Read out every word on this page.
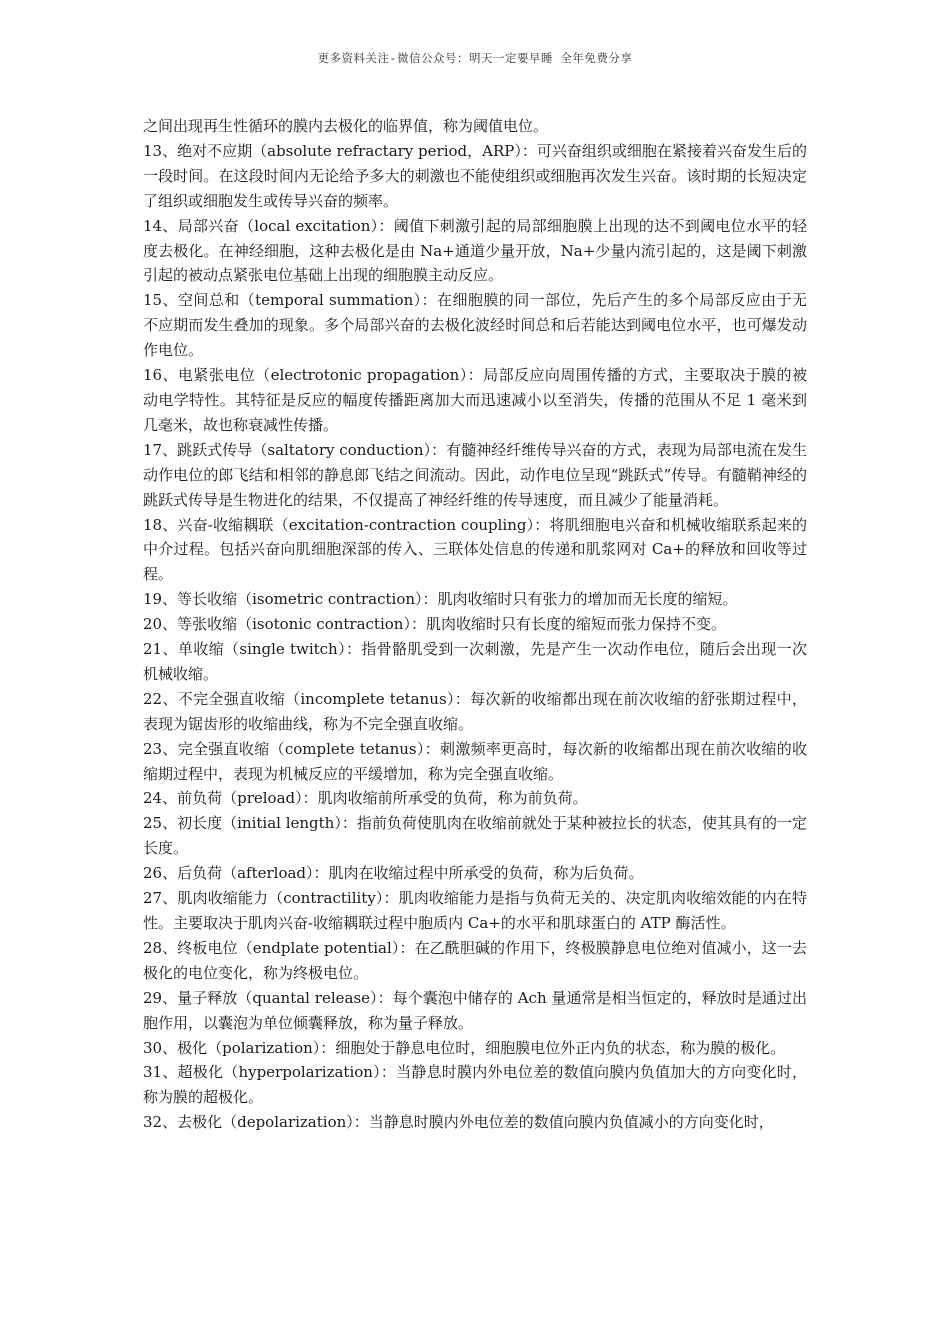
更多资料关注-微信公众号：明天一定要早睡 全年免费分享

之间出现再生性循环的膜内去极化的临界值，称为阈值电位。

13、绝对不应期（absolute refractary period，ARP）：可兴奋组织或细胞在紧接着兴奋发生后的一段时间。在这段时间内无论给予多大的刺激也不能使组织或细胞再次发生兴奋。该时期的长短决定了组织或细胞发生或传导兴奋的频率。

14、局部兴奋（local excitation）：阈值下刺激引起的局部细胞膜上出现的达不到阈电位水平的轻度去极化。在神经细胞，这种去极化是由 Na+通道少量开放，Na+少量内流引起的，这是阈下刺激引起的被动点紧张电位基础上出现的细胞膜主动反应。

15、空间总和（temporal summation）：在细胞膜的同一部位，先后产生的多个局部反应由于无不应期而发生叠加的现象。多个局部兴奋的去极化波经时间总和后若能达到阈电位水平，也可爆发动作电位。

16、电紧张电位（electrotonic propagation）：局部反应向周围传播的方式，主要取决于膜的被动电学特性。其特征是反应的幅度传播距离加大而迅速减小以至消失，传播的范围从不足 1 毫米到几毫米，故也称衰减性传播。

17、跳跃式传导（saltatory conduction）：有髓神经纤维传导兴奋的方式，表现为局部电流在发生动作电位的郎飞结和相邻的静息郎飞结之间流动。因此，动作电位呈现“跳跃式”传导。有髓鞘神经的跳跃式传导是生物进化的结果，不仅提高了神经纤维的传导速度，而且减少了能量消耗。

18、兴奋-收缩耦联（excitation-contraction coupling）：将肌细胞电兴奋和机械收缩联系起来的中介过程。包括兴奋向肌细胞深部的传入、三联体处信息的传递和肌浆网对 Ca+的释放和回收等过程。

19、等长收缩（isometric contraction）：肌肉收缩时只有张力的增加而无长度的缩短。

20、等张收缩（isotonic contraction）：肌肉收缩时只有长度的缩短而张力保持不变。

21、单收缩（single twitch）：指骨骼肌受到一次刺激，先是产生一次动作电位，随后会出现一次机械收缩。

22、不完全强直收缩（incomplete tetanus）：每次新的收缩都出现在前次收缩的舒张期过程中，表现为锯齿形的收缩曲线，称为不完全强直收缩。

23、完全强直收缩（complete tetanus）：刺激频率更高时，每次新的收缩都出现在前次收缩的收缩期过程中，表现为机械反应的平缓增加，称为完全强直收缩。

24、前负荷（preload）：肌肉收缩前所承受的负荷，称为前负荷。

25、初长度（initial length）：指前负荷使肌肉在收缩前就处于某种被拉长的状态，使其具有的一定长度。

26、后负荷（afterload）：肌肉在收缩过程中所承受的负荷，称为后负荷。

27、肌肉收缩能力（contractility）：肌肉收缩能力是指与负荷无关的、决定肌肉收缩效能的内在特性。主要取决于肌肉兴奋-收缩耦联过程中胞质内 Ca+的水平和肌球蛋白的 ATP 酶活性。

28、终板电位（endplate potential）：在乙酰胆碱的作用下，终极膜静息电位绝对值减小，这一去极化的电位变化，称为终极电位。

29、量子释放（quantal release）：每个囊泡中储存的 Ach 量通常是相当恒定的，释放时是通过出胞作用，以囊泡为单位倾囊释放，称为量子释放。

30、极化（polarization）：细胞处于静息电位时，细胞膜电位外正内负的状态，称为膜的极化。

31、超极化（hyperpolarization）：当静息时膜内外电位差的数值向膜内负值加大的方向变化时，称为膜的超极化。

32、去极化（depolarization）：当静息时膜内外电位差的数值向膜内负值减小的方向变化时，
